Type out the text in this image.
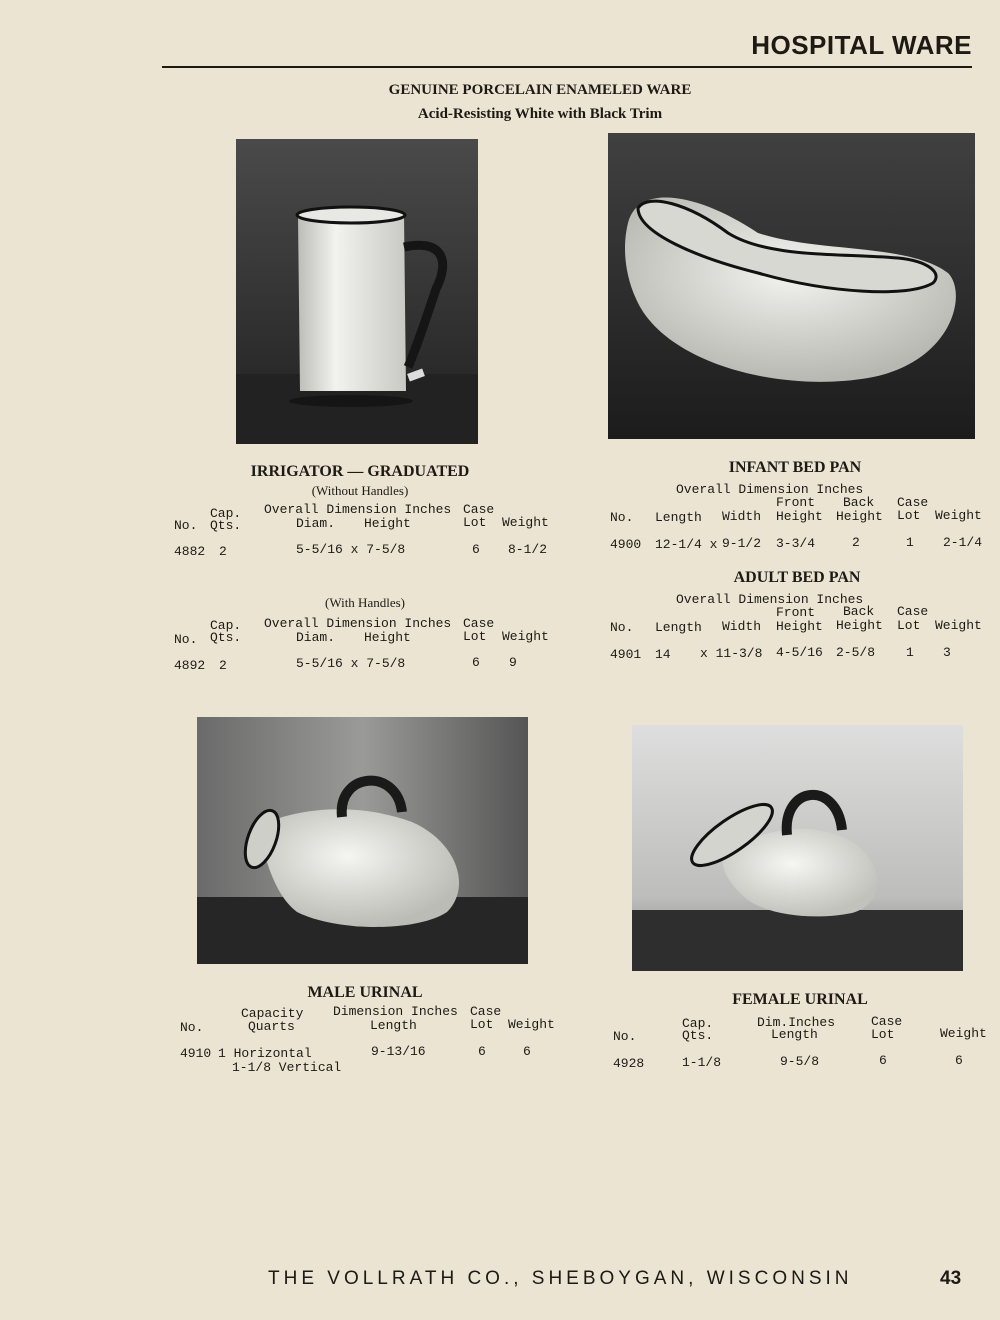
HOSPITAL WARE
GENUINE PORCELAIN ENAMELED WARE
Acid-Resisting White with Black Trim
IRRIGATOR — GRADUATED
(Without Handles)
Cap. Overall Dimension Inches Case
No. Qts.	Diam. Height	Lot Weight
4882 2	5-5/16 x 7-5/8	6 8-1/2
(With Handles)
Cap. Overall Dimension Inches Case
No. Qts.	Diam. Height	Lot Weight
4892 2	5-5/16 x 7-5/8	6 9
INFANT BED PAN
Overall Dimension Inches
Front Back Case
No. Length Width Height Height Lot Weight
4900 12-1/4 x 9-1/2 3-3/4	2	1 2-1/4
ADULT BED PAN
Overall Dimension Inches
Front Back Case
No. Length Width Height Height Lot Weight
4901 14 x 11-3/8 4-5/16 2-5/8 1 3
MALE URINAL
Capacity Dimension Inches Case
No.	Quarts	Length	Lot Weight
4910 1 Horizontal
1-1/8 Vertical
9-13/16	6	6
FEMALE URINAL
Cap.	Dim.Inches	Case
No.	Qts.	Length	Lot	Weight
4928	1-1/8	9-5/8	6	6
THE VOLLRATH CO., SHEBOYGAN, WISCONSIN	43
